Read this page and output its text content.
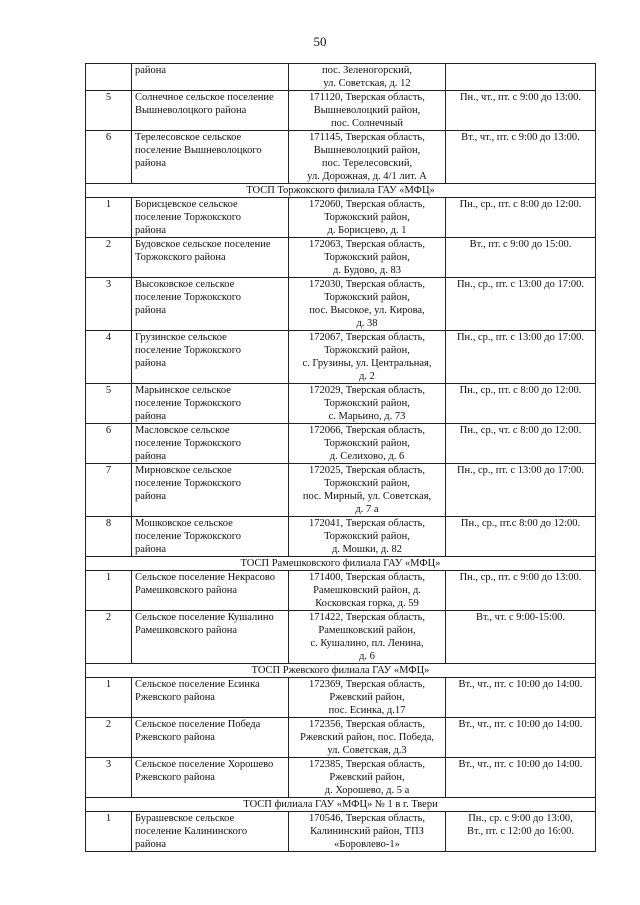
50
	района	пос. Зеленогорский,
ул. Советская, д. 12	
5	Солнечное сельское поселение
Вышневолоцкого района	171120, Тверская область,
Вышневолоцкий район,
пос. Солнечный	Пн., чт., пт. с 9:00 до 13:00.
6	Терелесовское сельское
поселение Вышневолоцкого
района	171145, Тверская область,
Вышневолоцкий район,
пос. Терелесовский,
ул. Дорожная, д. 4/1 лит. А	Вт., чт., пт. с 9:00 до 13:00.
ТОСП Торжокского филиала ГАУ «МФЦ»			
1	Борисцевское сельское
поселение Торжокского
района	172060, Тверская область,
Торжокский район,
д. Борисцево, д. 1	Пн., ср., пт. с 8:00 до 12:00.
2	Будовское сельское поселение
Торжокского района	172063, Тверская область,
Торжокский район,
д. Будово, д. 83	Вт., пт. с 9:00 до 15:00.
3	Высоковское сельское
поселение Торжокского
района	172030, Тверская область,
Торжокский район,
пос. Высокое, ул. Кирова,
д. 38	Пн., ср., пт. с 13:00 до 17:00.
4	Грузинское сельское
поселение Торжокского
района	172067, Тверская область,
Торжокский район,
с. Грузины, ул. Центральная,
д. 2	Пн., ср., пт. с 13:00 до 17:00.
5	Марьинское сельское
поселение Торжокского
района	172029, Тверская область,
Торжокский район,
с. Марьино, д. 73	Пн., ср., пт. с 8:00 до 12:00.
6	Масловское сельское
поселение Торжокского
района	172066, Тверская область,
Торжокский район,
д. Селихово, д. 6	Пн., ср., чт. с 8:00 до 12:00.
7	Мирновское сельское
поселение Торжокского
района	172025, Тверская область,
Торжокский район,
пос. Мирный, ул. Советская,
д. 7 а	Пн., ср., пт. с 13:00 до 17:00.
8	Мошковское сельское
поселение Торжокского
района	172041, Тверская область,
Торжокский район,
д. Мошки, д. 82	Пн., ср., пт.с 8:00 до 12:00.
ТОСП Рамешковского филиала ГАУ «МФЦ»			
1	Сельское поселение Некрасово
Рамешковского района	171400, Тверская область,
Рамешковский район, д.
Косковская горка, д. 59	Пн., ср., пт. с 9:00 до 13:00.
2	Сельское поселение Кушалино
Рамешковского района	171422, Тверская область,
Рамешковский район,
с. Кушалино, пл. Ленина,
д. 6	Вт., чт. с 9:00-15:00.
ТОСП Ржевского филиала ГАУ «МФЦ»			
1	Сельское поселение Есинка
Ржевского района	172369, Тверская область,
Ржевский район,
пос. Есинка, д.17	Вт., чт., пт. с 10:00 до 14:00.
2	Сельское поселение Победа
Ржевского района	172356, Тверская область,
Ржевский район, пос. Победа,
ул. Советская, д.3	Вт., чт., пт. с 10:00 до 14:00.
3	Сельское поселение Хорошево
Ржевского района	172385, Тверская область,
Ржевский район,
д. Хорошево, д. 5 а	Вт., чт., пт. с 10:00 до 14:00.
ТОСП филиала ГАУ «МФЦ» № 1 в г. Твери			
1	Бурашевское сельское
поселение Калининского
района	170546, Тверская область,
Калининский район, ТПЗ
«Боровлево-1»	Пн., ср. с 9:00 до 13:00,
Вт., пт. с 12:00 до 16:00.
